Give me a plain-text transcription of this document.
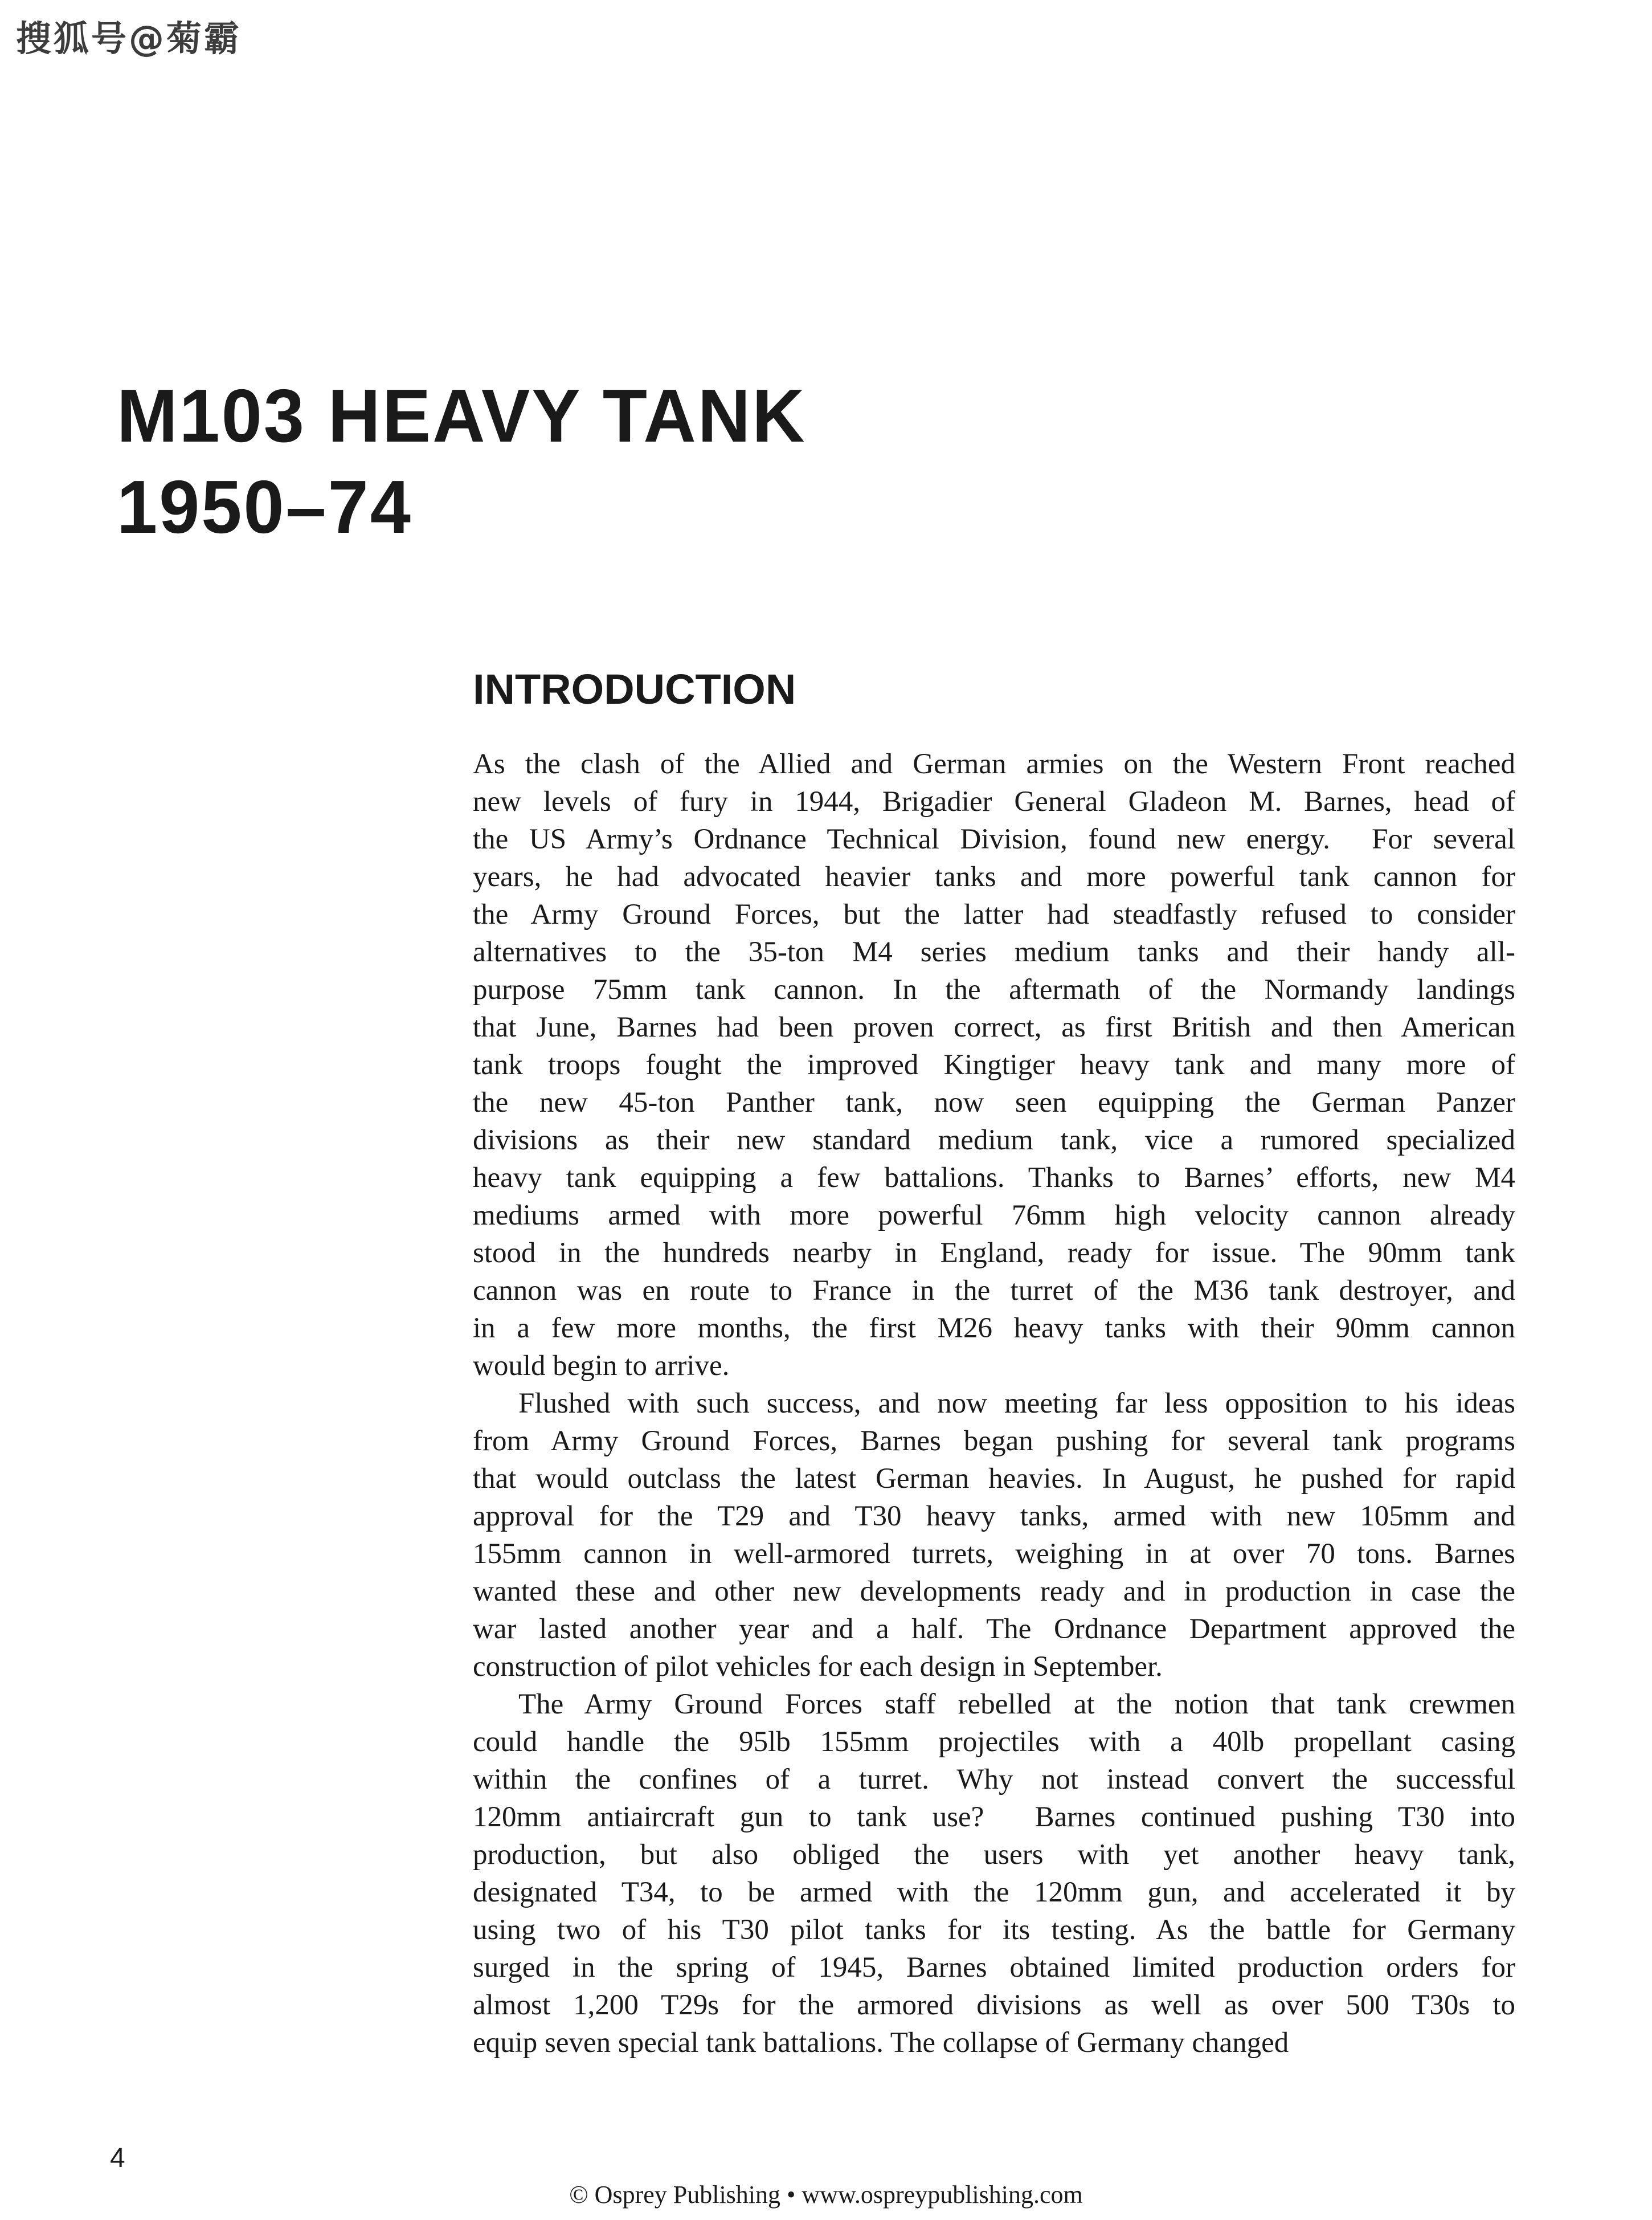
搜狐号@菊霸
M103 HEAVY TANK
1950–74
INTRODUCTION
As the clash of the Allied and German armies on the Western Front reached
new levels of fury in 1944, Brigadier General Gladeon M. Barnes, head of
the US Army’s Ordnance Technical Division, found new energy.  For several
years, he had advocated heavier tanks and more powerful tank cannon for
the Army Ground Forces, but the latter had steadfastly refused to consider
alternatives to the 35-ton M4 series medium tanks and their handy all-
purpose 75mm tank cannon. In the aftermath of the Normandy landings
that June, Barnes had been proven correct, as first British and then American
tank troops fought the improved Kingtiger heavy tank and many more of
the new 45-ton Panther tank, now seen equipping the German Panzer
divisions as their new standard medium tank, vice a rumored specialized
heavy tank equipping a few battalions. Thanks to Barnes’ efforts, new M4
mediums armed with more powerful 76mm high velocity cannon already
stood in the hundreds nearby in England, ready for issue. The 90mm tank
cannon was en route to France in the turret of the M36 tank destroyer, and
in a few more months, the first M26 heavy tanks with their 90mm cannon
would begin to arrive.
Flushed with such success, and now meeting far less opposition to his ideas
from Army Ground Forces, Barnes began pushing for several tank programs
that would outclass the latest German heavies. In August, he pushed for rapid
approval for the T29 and T30 heavy tanks, armed with new 105mm and
155mm cannon in well-armored turrets, weighing in at over 70 tons. Barnes
wanted these and other new developments ready and in production in case the
war lasted another year and a half. The Ordnance Department approved the
construction of pilot vehicles for each design in September.
The Army Ground Forces staff rebelled at the notion that tank crewmen
could handle the 95lb 155mm projectiles with a 40lb propellant casing
within the confines of a turret. Why not instead convert the successful
120mm antiaircraft gun to tank use?  Barnes continued pushing T30 into
production, but also obliged the users with yet another heavy tank,
designated T34, to be armed with the 120mm gun, and accelerated it by
using two of his T30 pilot tanks for its testing. As the battle for Germany
surged in the spring of 1945, Barnes obtained limited production orders for
almost 1,200 T29s for the armored divisions as well as over 500 T30s to
equip seven special tank battalions. The collapse of Germany changed
4
© Osprey Publishing • www.ospreypublishing.com
